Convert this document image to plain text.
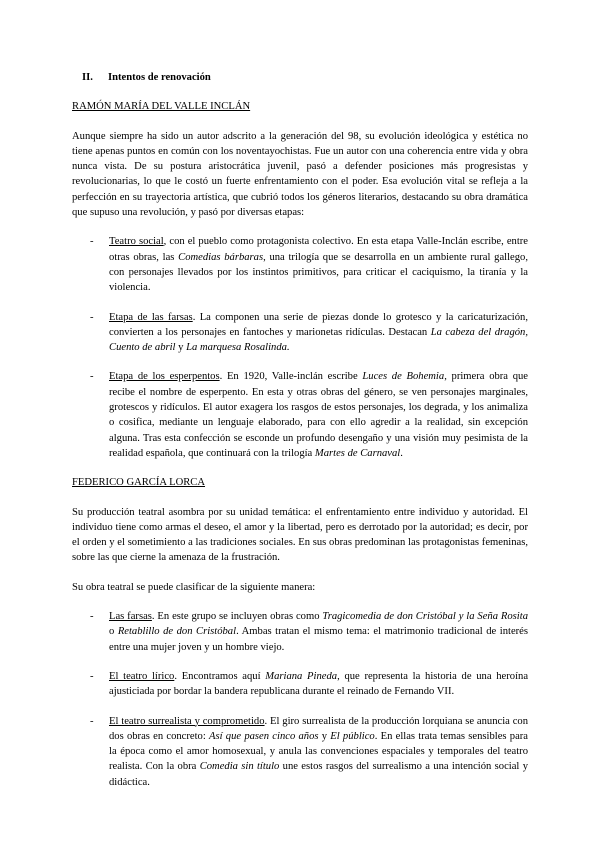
II. Intentos de renovación
RAMÓN MARÍA DEL VALLE INCLÁN

Aunque siempre ha sido un autor adscrito a la generación del 98, su evolución ideológica y estética no tiene apenas puntos en común con los noventayochistas. Fue un autor con una coherencia entre vida y obra nunca vista. De su postura aristocrática juvenil, pasó a defender posiciones más progresistas y revolucionarias, lo que le costó un fuerte enfrentamiento con el poder. Esa evolución vital se refleja a la perfección en su trayectoria artística, que cubrió todos los géneros literarios, destacando su obra dramática que supuso una revolución, y pasó por diversas etapas:

- Teatro social, con el pueblo como protagonista colectivo. En esta etapa Valle-Inclán escribe, entre otras obras, las Comedias bárbaras, una trilogía que se desarrolla en un ambiente rural gallego, con personajes llevados por los instintos primitivos, para criticar el caciquismo, la tiranía y la violencia.
- Etapa de las farsas. La componen una serie de piezas donde lo grotesco y la caricaturización, convierten a los personajes en fantoches y marionetas ridículas. Destacan La cabeza del dragón, Cuento de abril y La marquesa Rosalinda.
- Etapa de los esperpentos. En 1920, Valle-inclán escribe Luces de Bohemia, primera obra que recibe el nombre de esperpento. En esta y otras obras del género, se ven personajes marginales, grotescos y ridículos. El autor exagera los rasgos de estos personajes, los degrada, y los animaliza o cosifica, mediante un lenguaje elaborado, para con ello agredir a la realidad, sin excepción alguna. Tras esta confección se esconde un profundo desengaño y una visión muy pesimista de la realidad española, que continuará con la trilogía Martes de Carnaval.
FEDERICO GARCÍA LORCA

Su producción teatral asombra por su unidad temática: el enfrentamiento entre individuo y autoridad. El individuo tiene como armas el deseo, el amor y la libertad, pero es derrotado por la autoridad; es decir, por el orden y el sometimiento a las tradiciones sociales. En sus obras predominan las protagonistas femeninas, sobre las que cierne la amenaza de la frustración.

Su obra teatral se puede clasificar de la siguiente manera:

- Las farsas. En este grupo se incluyen obras como Tragicomedia de don Cristóbal y la Seña Rosita o Retablillo de don Cristóbal. Ambas tratan el mismo tema: el matrimonio tradicional de interés entre una mujer joven y un hombre viejo.
- El teatro lírico. Encontramos aquí Mariana Pineda, que representa la historia de una heroína ajusticiada por bordar la bandera republicana durante el reinado de Fernando VII.
- El teatro surrealista y comprometido. El giro surrealista de la producción lorquiana se anuncia con dos obras en concreto: Así que pasen cinco años y El público. En ellas trata temas sensibles para la época como el amor homosexual, y anula las convenciones espaciales y temporales del teatro realista. Con la obra Comedia sin título une estos rasgos del surrealismo a una intención social y didáctica.
